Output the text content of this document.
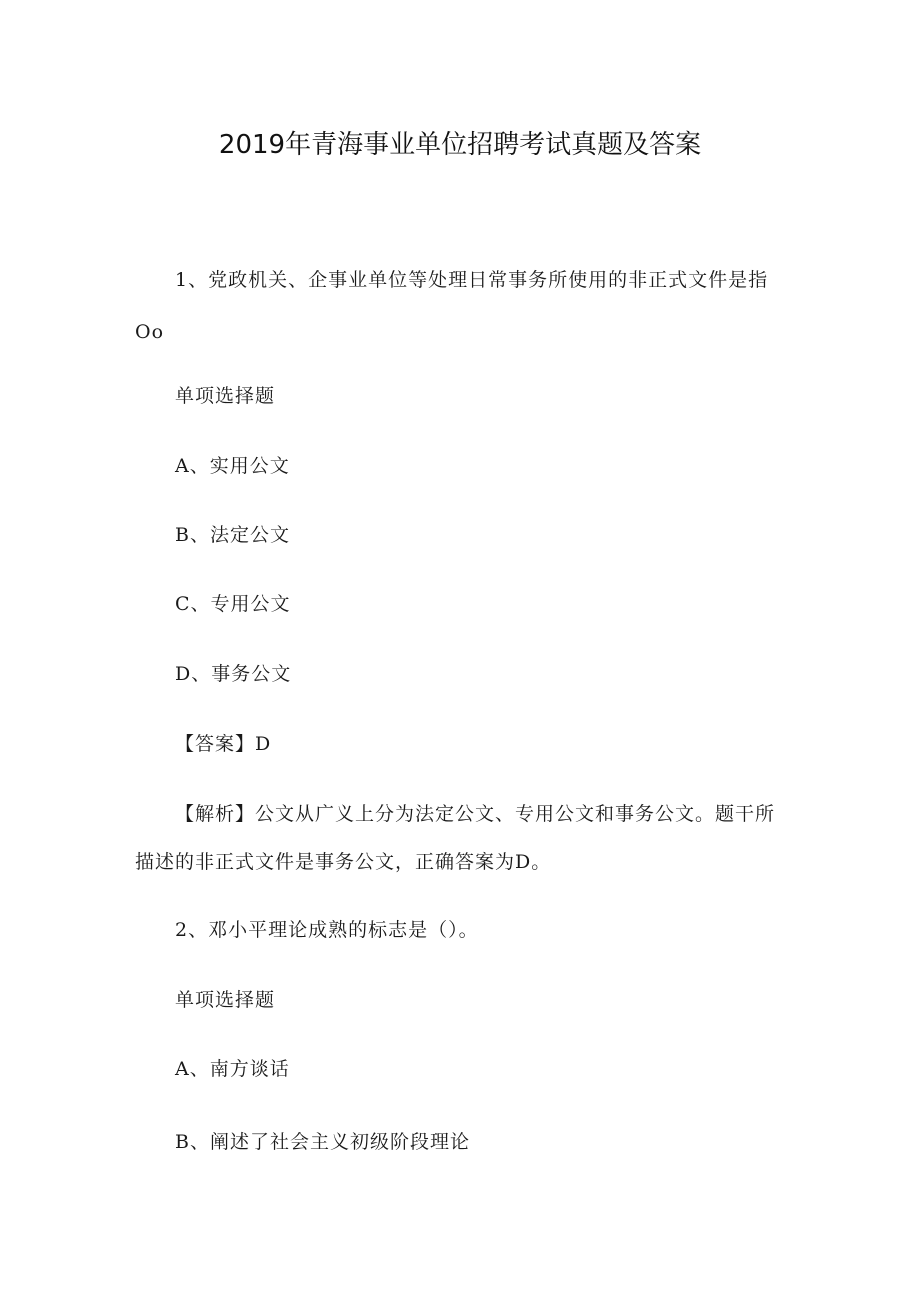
2019年青海事业单位招聘考试真题及答案
1、党政机关、企事业单位等处理日常事务所使用的非正式文件是指
Oo
单项选择题
A、实用公文
B、法定公文
C、专用公文
D、事务公文
【答案】D
【解析】公文从广义上分为法定公文、专用公文和事务公文。题干所
描述的非正式文件是事务公文，正确答案为D。
2、邓小平理论成熟的标志是（）。
单项选择题
A、南方谈话
B、阐述了社会主义初级阶段理论
